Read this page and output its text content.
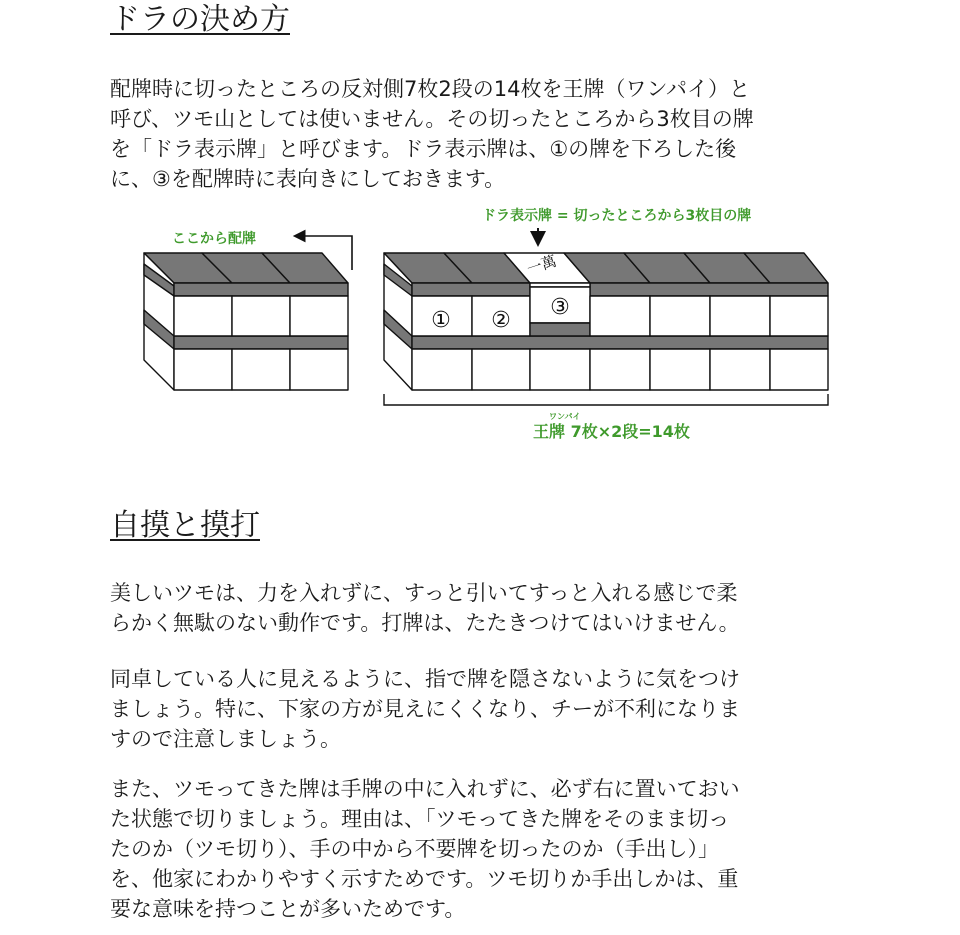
ドラの決め方
配牌時に切ったところの反対側7枚2段の14枚を王牌（ワンパイ）と
呼び、ツモ山としては使いません。その切ったところから3枚目の牌
を「ドラ表示牌」と呼びます。ドラ表示牌は、①の牌を下ろした後
に、③を配牌時に表向きにしておきます。
ここから配牌
ドラ表示牌 = 切ったところから3枚目の牌
一萬
① ②
③
ワンパイ
王牌 7枚×2段=14枚
自摸と摸打
美しいツモは、力を入れずに、すっと引いてすっと入れる感じで柔
らかく無駄のない動作です。打牌は、たたきつけてはいけません。
同卓している人に見えるように、指で牌を隠さないように気をつけ
ましょう。特に、下家の方が見えにくくなり、チーが不利になりま
すので注意しましょう。
また、ツモってきた牌は手牌の中に入れずに、必ず右に置いておい
た状態で切りましょう。理由は、「ツモってきた牌をそのまま切っ
たのか（ツモ切り）、手の中から不要牌を切ったのか（手出し）」
を、他家にわかりやすく示すためです。ツモ切りか手出しかは、重
要な意味を持つことが多いためです。
